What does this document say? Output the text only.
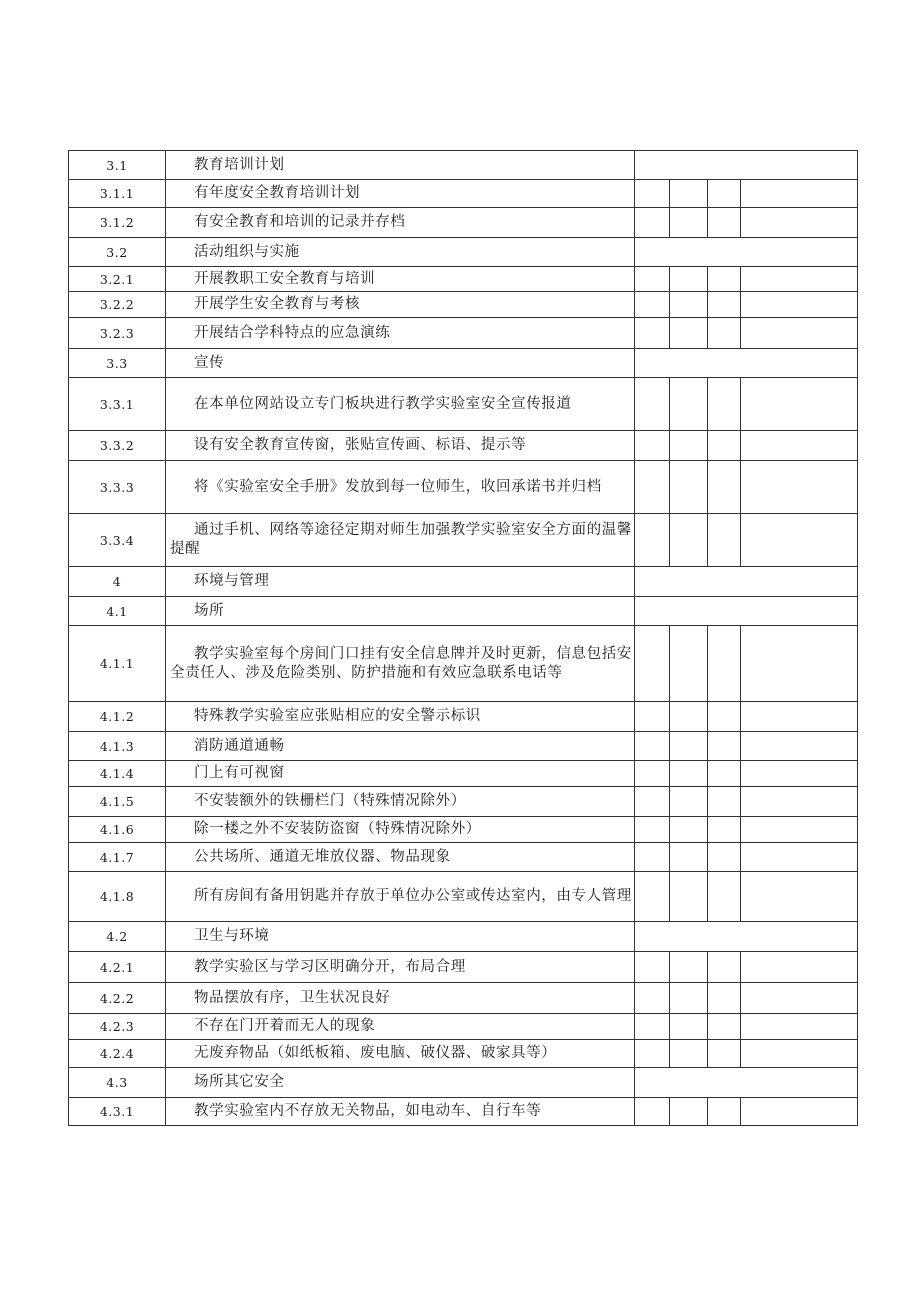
3.1	教育培训计划				

3.1.1	有年度安全教育培训计划				

3.1.2	有安全教育和培训的记录并存档				

3.2	活动组织与实施				

3.2.1	开展教职工安全教育与培训				

3.2.2	开展学生安全教育与考核				

3.2.3	开展结合学科特点的应急演练				

3.3	宣传				

3.3.1	在本单位网站设立专门板块进行教学实验室安全宣传报道				

3.3.2	设有安全教育宣传窗，张贴宣传画、标语、提示等				

3.3.3	将《实验室安全手册》发放到每一位师生，收回承诺书并归档				

3.3.4	通过手机、网络等途径定期对师生加强教学实验室安全方面的温馨提醒				

4	环境与管理				

4.1	场所				

4.1.1	教学实验室每个房间门口挂有安全信息牌并及时更新，信息包括安全责任人、涉及危险类别、防护措施和有效应急联系电话等				

4.1.2	特殊教学实验室应张贴相应的安全警示标识				

4.1.3	消防通道通畅				

4.1.4	门上有可视窗				

4.1.5	不安装额外的铁栅栏门（特殊情况除外）				

4.1.6	除一楼之外不安装防盗窗（特殊情况除外）				

4.1.7	公共场所、通道无堆放仪器、物品现象				

4.1.8	所有房间有备用钥匙并存放于单位办公室或传达室内，由专人管理				

4.2	卫生与环境				

4.2.1	教学实验区与学习区明确分开，布局合理				

4.2.2	物品摆放有序，卫生状况良好				

4.2.3	不存在门开着而无人的现象				

4.2.4	无废弃物品（如纸板箱、废电脑、破仪器、破家具等）				

4.3	场所其它安全				

4.3.1	教学实验室内不存放无关物品，如电动车、自行车等				
